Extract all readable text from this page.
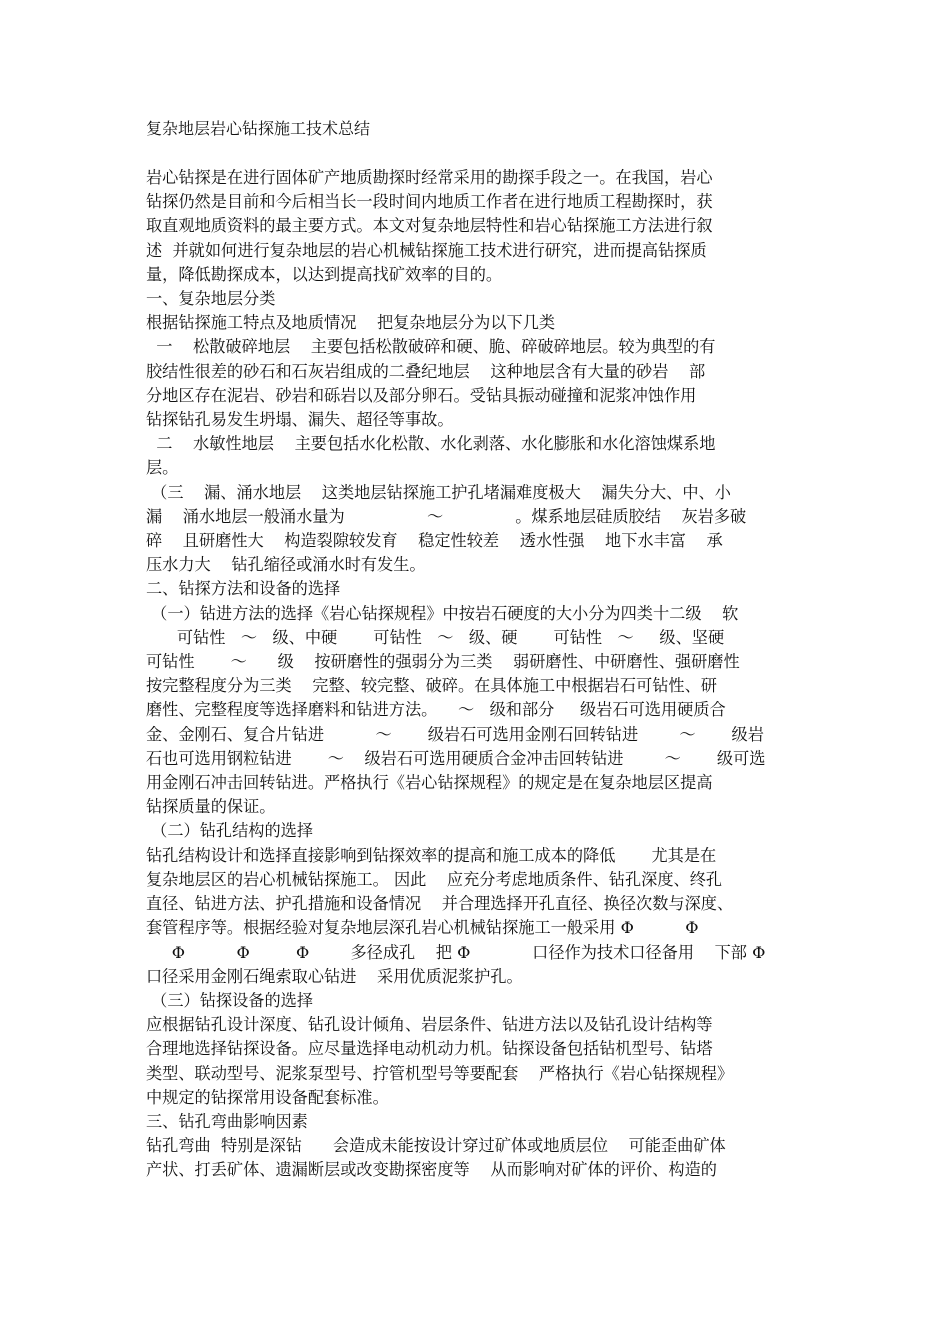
复杂地层岩心钻探施工技术总结
岩心钻探是在进行固体矿产地质勘探时经常采用的勘探手段之一。在我国，岩心
钻探仍然是目前和今后相当长一段时间内地质工作者在进行地质工程勘探时，获
取直观地质资料的最主要方式。本文对复杂地层特性和岩心钻探施工方法进行叙
述  并就如何进行复杂地层的岩心机械钻探施工技术进行研究，进而提高钻探质
量，降低勘探成本，以达到提高找矿效率的目的。
一、复杂地层分类
根据钻探施工特点及地质情况    把复杂地层分为以下几类
一    松散破碎地层    主要包括松散破碎和硬、脆、碎破碎地层。较为典型的有
胶结性很差的砂石和石灰岩组成的二叠纪地层    这种地层含有大量的砂岩    部
分地区存在泥岩、砂岩和砾岩以及部分卵石。受钻具振动碰撞和泥浆冲蚀作用
钻探钻孔易发生坍塌、漏失、超径等事故。
二    水敏性地层    主要包括水化松散、水化剥落、水化膨胀和水化溶蚀煤系地
层。
（三    漏、涌水地层    这类地层钻探施工护孔堵漏难度极大    漏失分大、中、小
漏    涌水地层一般涌水量为                ～              。煤系地层硅质胶结    灰岩多破
碎    且研磨性大    构造裂隙较发育    稳定性较差    透水性强    地下水丰富    承
压水力大    钻孔缩径或涌水时有发生。
二、钻探方法和设备的选择
（一）钻进方法的选择《岩心钻探规程》中按岩石硬度的大小分为四类十二级    软
可钻性   ～   级、中硬       可钻性   ～   级、硬       可钻性   ～     级、坚硬
可钻性       ～      级    按研磨性的强弱分为三类    弱研磨性、中研磨性、强研磨性
按完整程度分为三类    完整、较完整、破碎。在具体施工中根据岩石可钻性、研
磨性、完整程度等选择磨料和钻进方法。    ～   级和部分     级岩石可选用硬质合
金、金刚石、复合片钻进          ～       级岩石可选用金刚石回转钻进        ～       级岩
石也可选用钢粒钻进       ～    级岩石可选用硬质合金冲击回转钻进        ～       级可选
用金刚石冲击回转钻进。严格执行《岩心钻探规程》的规定是在复杂地层区提高
钻探质量的保证。
（二）钻孔结构的选择
钻孔结构设计和选择直接影响到钻探效率的提高和施工成本的降低       尤其是在
复杂地层区的岩心机械钻探施工。 因此    应充分考虑地质条件、钻孔深度、终孔
直径、钻进方法、护孔措施和设备情况    并合理选择开孔直径、换径次数与深度、
套管程序等。根据经验对复杂地层深孔岩心机械钻探施工一般采用 Φ          Φ
Φ          Φ         Φ        多径成孔    把 Φ            口径作为技术口径备用    下部 Φ
口径采用金刚石绳索取心钻进    采用优质泥浆护孔。
（三）钻探设备的选择
应根据钻孔设计深度、钻孔设计倾角、岩层条件、钻进方法以及钻孔设计结构等
合理地选择钻探设备。应尽量选择电动机动力机。钻探设备包括钻机型号、钻塔
类型、联动型号、泥浆泵型号、拧管机型号等要配套    严格执行《岩心钻探规程》
中规定的钻探常用设备配套标准。
三、钻孔弯曲影响因素
钻孔弯曲  特别是深钻      会造成未能按设计穿过矿体或地质层位    可能歪曲矿体
产状、打丢矿体、遗漏断层或改变勘探密度等    从而影响对矿体的评价、构造的
